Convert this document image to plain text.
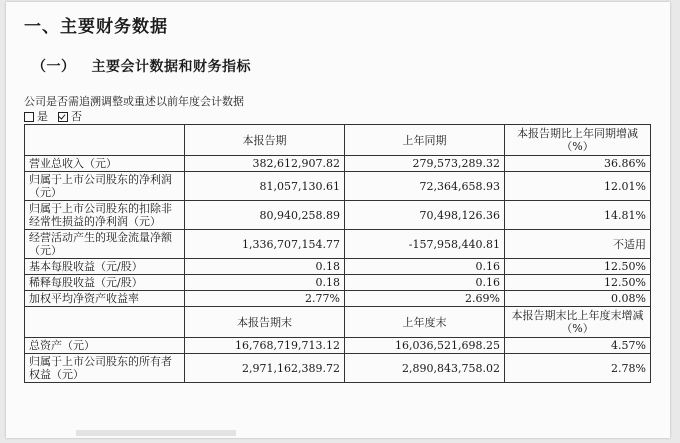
一、主要财务数据
（一） 主要会计数据和财务指标
公司是否需追溯调整或重述以前年度会计数据
是 否
	本报告期	上年同期	本报告期比上年同期增减（%）
营业总收入（元）	382,612,907.82	279,573,289.32	36.86%
归属于上市公司股东的净利润（元）	81,057,130.61	72,364,658.93	12.01%
归属于上市公司股东的扣除非经常性损益的净利润（元）	80,940,258.89	70,498,126.36	14.81%
经营活动产生的现金流量净额（元）	1,336,707,154.77	-157,958,440.81	不适用
基本每股收益（元/股）	0.18	0.16	12.50%
稀释每股收益（元/股）	0.18	0.16	12.50%
加权平均净资产收益率	2.77%	2.69%	0.08%
	本报告期末	上年度末	本报告期末比上年度末增减（%）
总资产（元）	16,768,719,713.12	16,036,521,698.25	4.57%
归属于上市公司股东的所有者权益（元）	2,971,162,389.72	2,890,843,758.02	2.78%
